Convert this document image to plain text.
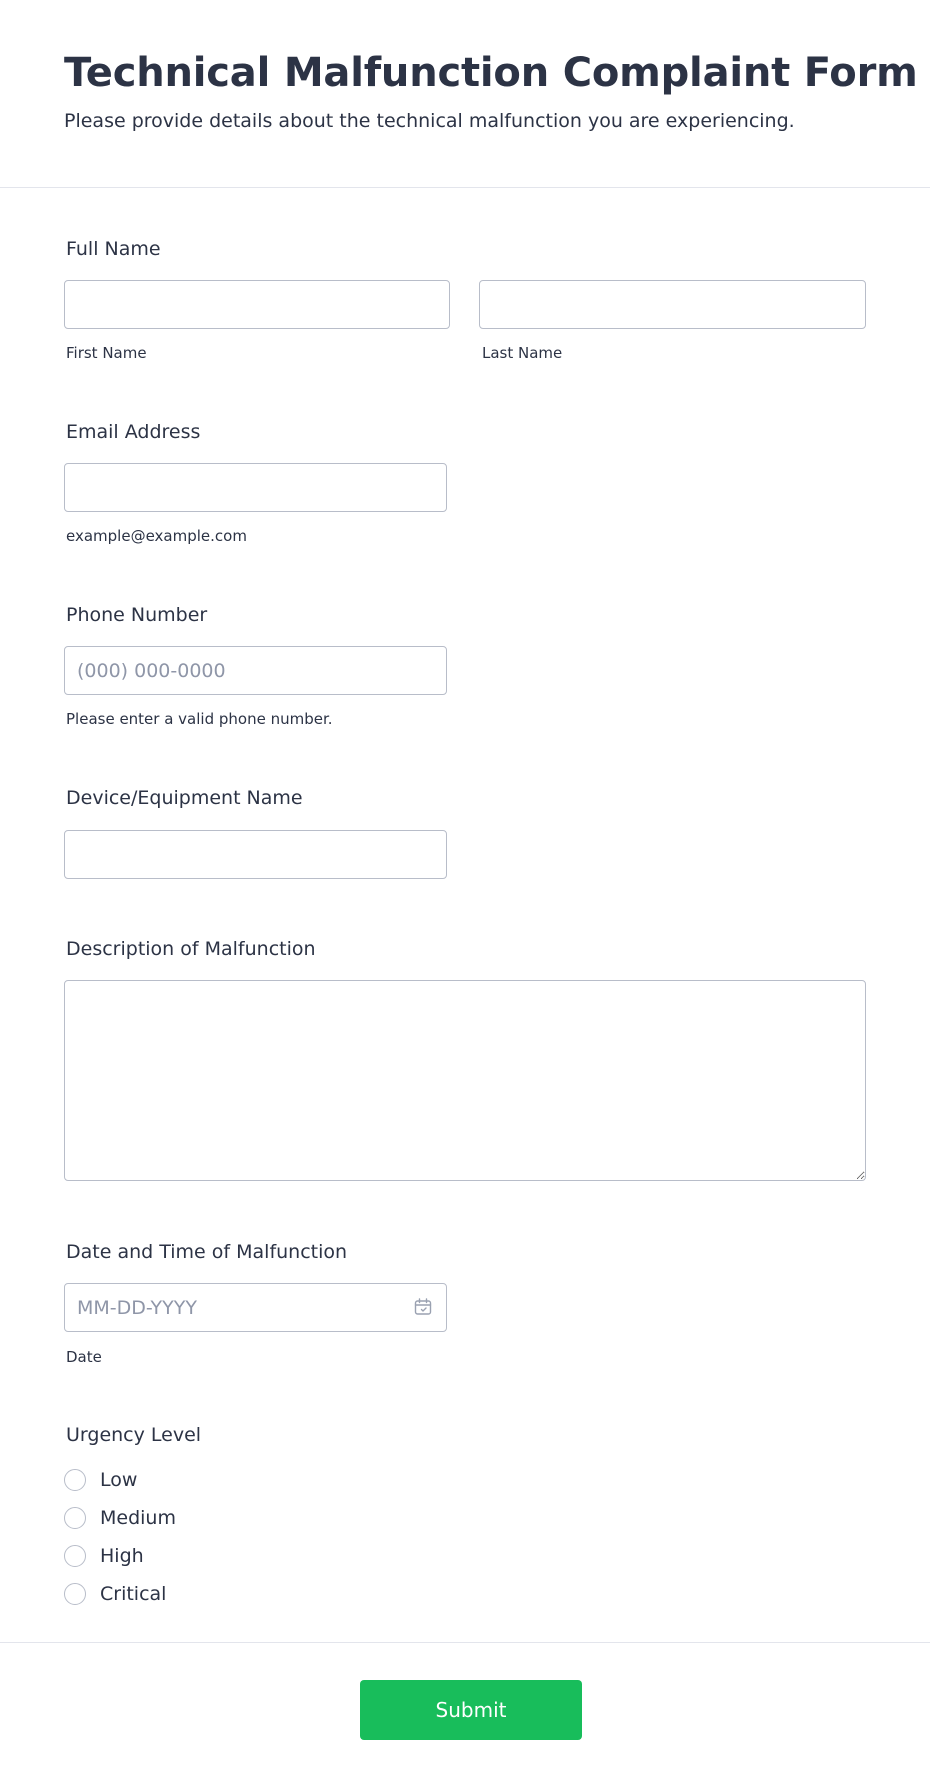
Technical Malfunction Complaint Form
Please provide details about the technical malfunction you are experiencing.
Full Name
First Name	Last Name
Email Address
example@example.com
Phone Number
(000) 000-0000
Please enter a valid phone number.
Device/Equipment Name
Description of Malfunction
Date and Time of Malfunction
MM-DD-YYYY
Date
Urgency Level
Low
Medium
High
Critical
Submit
